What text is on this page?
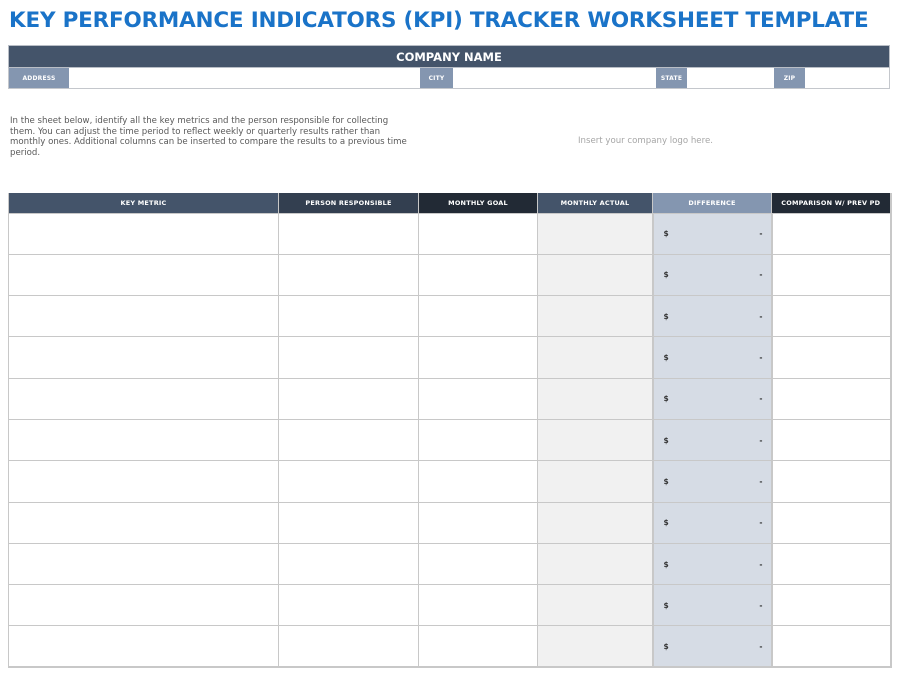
KEY PERFORMANCE INDICATORS (KPI) TRACKER WORKSHEET TEMPLATE
COMPANY NAME
ADDRESS	CITY	STATE	ZIP
In the sheet below, identify all the key metrics and the person responsible for collecting them. You can adjust the time period to reflect weekly or quarterly results rather than monthly ones. Additional columns can be inserted to compare the results to a previous time period.
Insert your company logo here.
KEY METRIC	PERSON RESPONSIBLE	MONTHLY GOAL	MONTHLY ACTUAL	DIFFERENCE	COMPARISON W/ PREV PD

				$ -	

				$ -	

				$ -	

				$ -	

				$ -	

				$ -	

				$ -	

				$ -	

				$ -	

				$ -	

				$ -	
